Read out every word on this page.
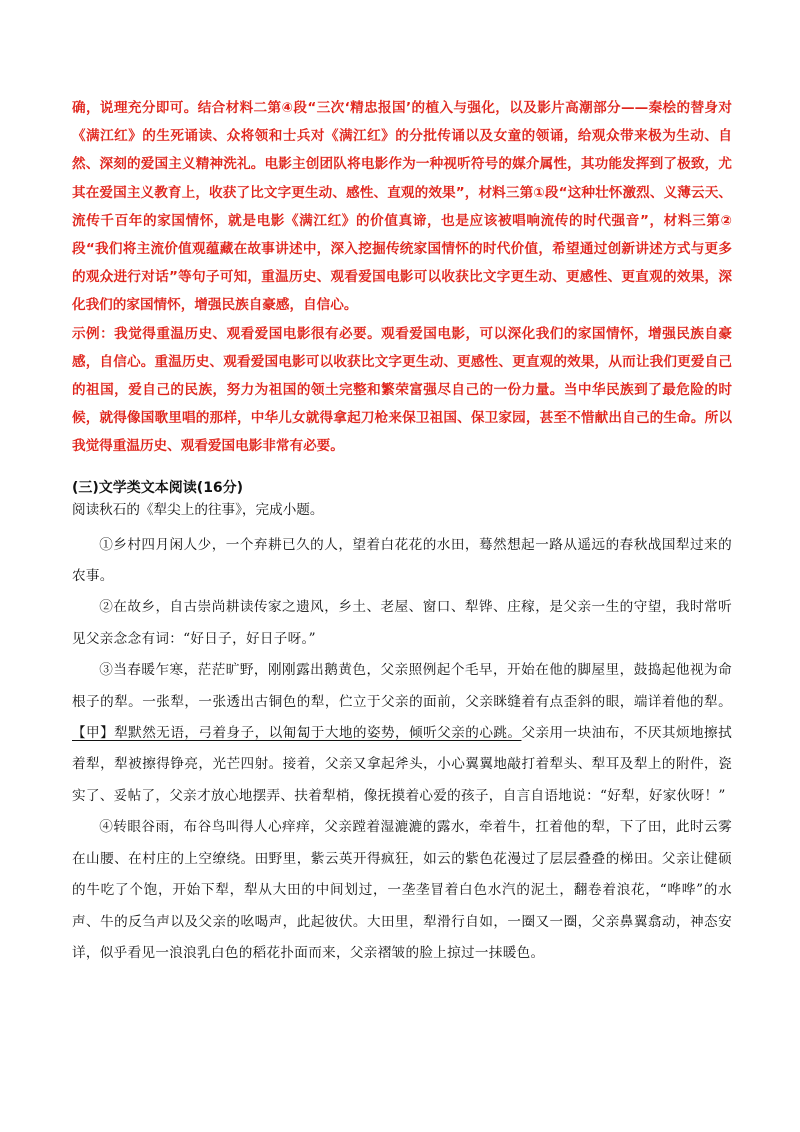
确，说理充分即可。结合材料二第④段“三次‘精忠报国’的植入与强化，以及影片高潮部分——秦桧的替身对《满江红》的生死诵读、众将领和士兵对《满江红》的分批传诵以及女童的领诵，给观众带来极为生动、自然、深刻的爱国主义精神洗礼。电影主创团队将电影作为一种视听符号的媒介属性，其功能发挥到了极致，尤其在爱国主义教育上，收获了比文字更生动、感性、直观的效果”，材料三第①段“这种壮怀激烈、义薄云天、流传千百年的家国情怀，就是电影《满江红》的价值真谛，也是应该被唱响流传的时代强音”，材料三第②段“我们将主流价值观蕴藏在故事讲述中，深入挖掘传统家国情怀的时代价值，希望通过创新讲述方式与更多的观众进行对话”等句子可知，重温历史、观看爱国电影可以收获比文字更生动、更感性、更直观的效果，深化我们的家国情怀，增强民族自豪感，自信心。

示例：我觉得重温历史、观看爱国电影很有必要。观看爱国电影，可以深化我们的家国情怀，增强民族自豪感，自信心。重温历史、观看爱国电影可以收获比文字更生动、更感性、更直观的效果，从而让我们更爱自己的祖国，爱自己的民族，努力为祖国的领土完整和繁荣富强尽自己的一份力量。当中华民族到了最危险的时候，就得像国歌里唱的那样，中华儿女就得拿起刀枪来保卫祖国、保卫家园，甚至不惜献出自己的生命。所以我觉得重温历史、观看爱国电影非常有必要。

(三)文学类文本阅读(16分)

阅读秋石的《犁尖上的往事》，完成小题。

①乡村四月闲人少，一个弃耕已久的人，望着白花花的水田，蓦然想起一路从遥远的春秋战国犁过来的农事。

②在故乡，自古崇尚耕读传家之遗风，乡土、老屋、窗口、犁铧、庄稼，是父亲一生的守望，我时常听见父亲念念有词：“好日子，好日子呀。”

③当春暖乍寒，茫茫旷野，刚刚露出鹅黄色，父亲照例起个毛早，开始在他的脚屋里，鼓捣起他视为命根子的犁。一张犁，一张透出古铜色的犁，伫立于父亲的面前，父亲眯缝着有点歪斜的眼，端详着他的犁。【甲】犁默然无语，弓着身子，以匍匐于大地的姿势，倾听父亲的心跳。父亲用一块油布，不厌其烦地擦拭着犁，犁被擦得铮亮，光芒四射。接着，父亲又拿起斧头，小心翼翼地敲打着犁头、犁耳及犁上的附件，瓷实了、妥帖了，父亲才放心地摆弄、扶着犁梢，像抚摸着心爱的孩子，自言自语地说：“好犁，好家伙呀！”

④转眼谷雨，布谷鸟叫得人心痒痒，父亲蹚着湿漉漉的露水，牵着牛，扛着他的犁，下了田，此时云雾在山腰、在村庄的上空缭绕。田野里，紫云英开得疯狂，如云的紫色花漫过了层层叠叠的梯田。父亲让健硕的牛吃了个饱，开始下犁，犁从大田的中间划过，一垄垄冒着白色水汽的泥土，翻卷着浪花，“哗哗”的水声、牛的反刍声以及父亲的吆喝声，此起彼伏。大田里，犁滑行自如，一圈又一圈，父亲鼻翼翕动，神态安详，似乎看见一浪浪乳白色的稻花扑面而来，父亲褶皱的脸上掠过一抹暖色。
